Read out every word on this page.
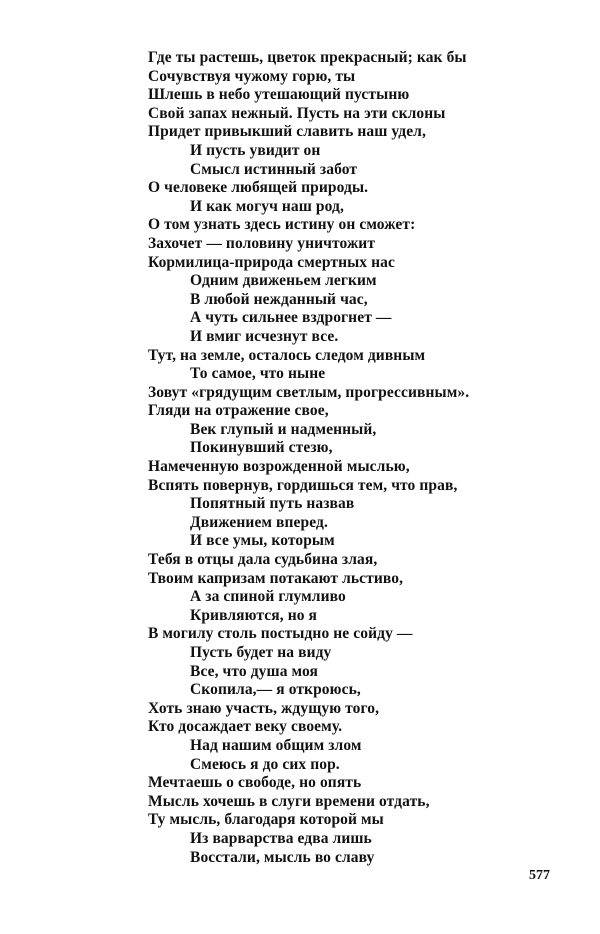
Где ты растешь, цветок прекрасный; как бы
Сочувствуя чужому горю, ты
Шлешь в небо утешающий пустыню
Свой запах нежный. Пусть на эти склоны
Придет привыкший славить наш удел,
И пусть увидит он
Смысл истинный забот
О человеке любящей природы.
И как могуч наш род,
О том узнать здесь истину он сможет:
Захочет — половину уничтожит
Кормилица-природа смертных нас
Одним движеньем легким
В любой нежданный час,
А чуть сильнее вздрогнет —
И вмиг исчезнут все.
Тут, на земле, осталось следом дивным
То самое, что ныне
Зовут «грядущим светлым, прогрессивным».
Гляди на отражение свое,
Век глупый и надменный,
Покинувший стезю,
Намеченную возрожденной мыслью,
Вспять повернув, гордишься тем, что прав,
Попятный путь назвав
Движением вперед.
И все умы, которым
Тебя в отцы дала судьбина злая,
Твоим капризам потакают льстиво,
А за спиной глумливо
Кривляются, но я
В могилу столь постыдно не сойду —
Пусть будет на виду
Все, что душа моя
Скопила,— я откроюсь,
Хоть знаю участь, ждущую того,
Кто досаждает веку своему.
Над нашим общим злом
Смеюсь я до сих пор.
Мечтаешь о свободе, но опять
Мысль хочешь в слуги времени отдать,
Ту мысль, благодаря которой мы
Из варварства едва лишь
Восстали, мысль во славу
577
